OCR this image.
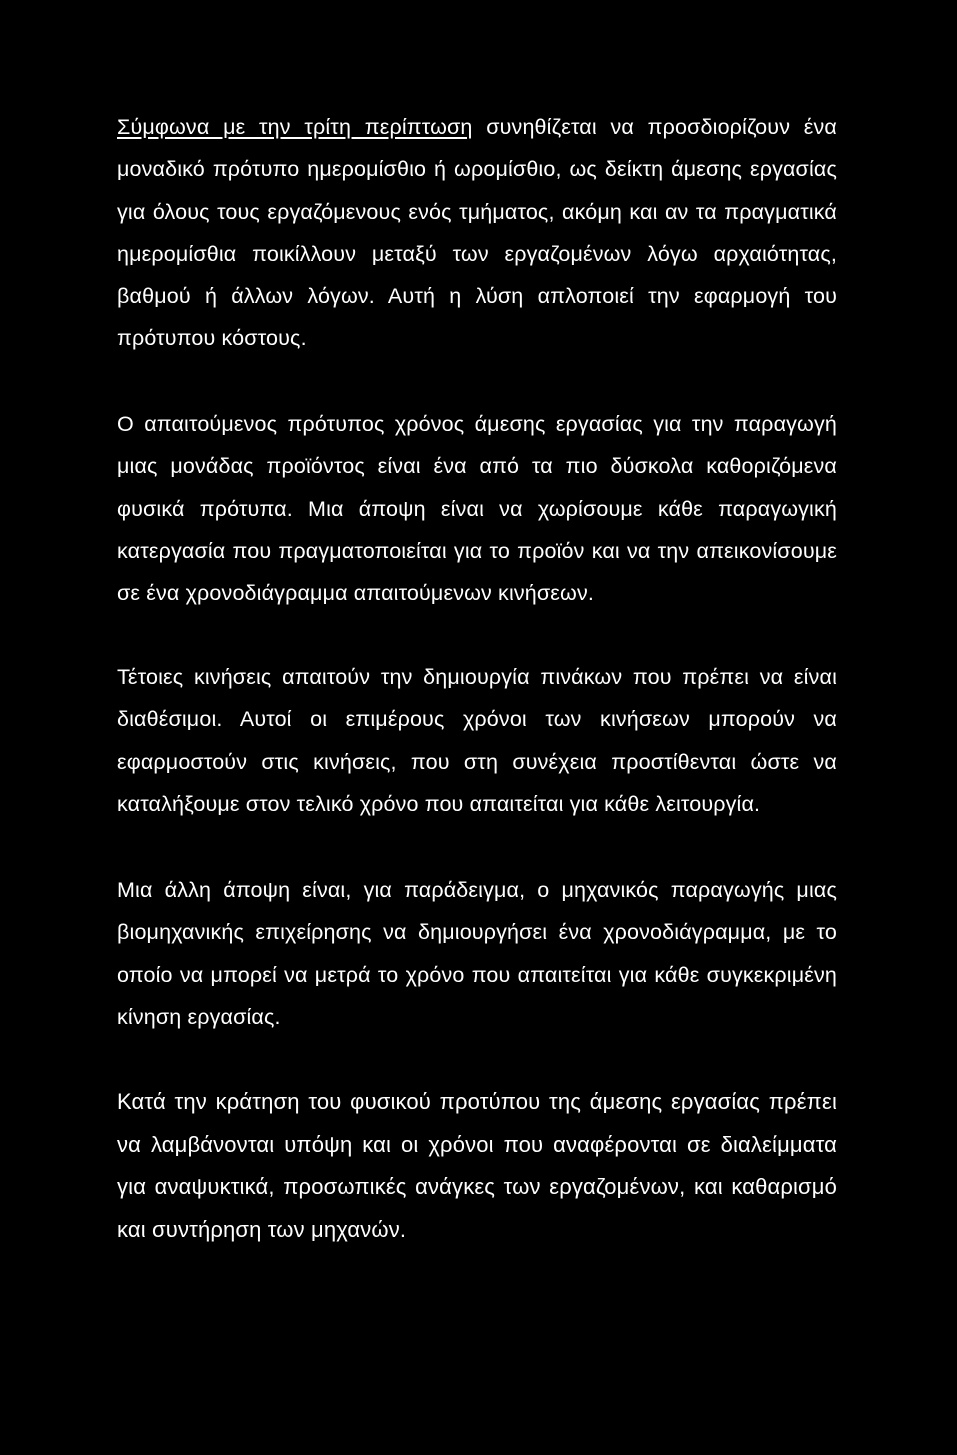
Σύμφωνα με την τρίτη περίπτωση συνηθίζεται να προσδιορίζουν ένα μοναδικό πρότυπο ημερομίσθιο ή ωρομίσθιο, ως δείκτη άμεσης εργασίας για όλους τους εργαζόμενους ενός τμήματος, ακόμη και αν τα πραγματικά ημερομίσθια ποικίλλουν μεταξύ των εργαζομένων λόγω αρχαιότητας, βαθμού ή άλλων λόγων. Αυτή η λύση απλοποιεί την εφαρμογή του πρότυπου κόστους.

Ο απαιτούμενος πρότυπος χρόνος άμεσης εργασίας για την παραγωγή μιας μονάδας προϊόντος είναι ένα από τα πιο δύσκολα καθοριζόμενα φυσικά πρότυπα. Μια άποψη είναι να χωρίσουμε κάθε παραγωγική κατεργασία που πραγματοποιείται για το προϊόν και να την απεικονίσουμε σε ένα χρονοδιάγραμμα απαιτούμενων κινήσεων.

Τέτοιες κινήσεις απαιτούν την δημιουργία πινάκων που πρέπει να είναι διαθέσιμοι. Αυτοί οι επιμέρους χρόνοι των κινήσεων μπορούν να εφαρμοστούν στις κινήσεις, που στη συνέχεια προστίθενται ώστε να καταλήξουμε στον τελικό χρόνο που απαιτείται για κάθε λειτουργία.

Μια άλλη άποψη είναι, για παράδειγμα, ο μηχανικός παραγωγής μιας βιομηχανικής επιχείρησης να δημιουργήσει ένα χρονοδιάγραμμα, με το οποίο να μπορεί να μετρά το χρόνο που απαιτείται για κάθε συγκεκριμένη κίνηση εργασίας.

Κατά την κράτηση του φυσικού προτύπου της άμεσης εργασίας πρέπει να λαμβάνονται υπόψη και οι χρόνοι που αναφέρονται σε διαλείμματα για αναψυκτικά, προσωπικές ανάγκες των εργαζομένων, και καθαρισμό και συντήρηση των μηχανών.
